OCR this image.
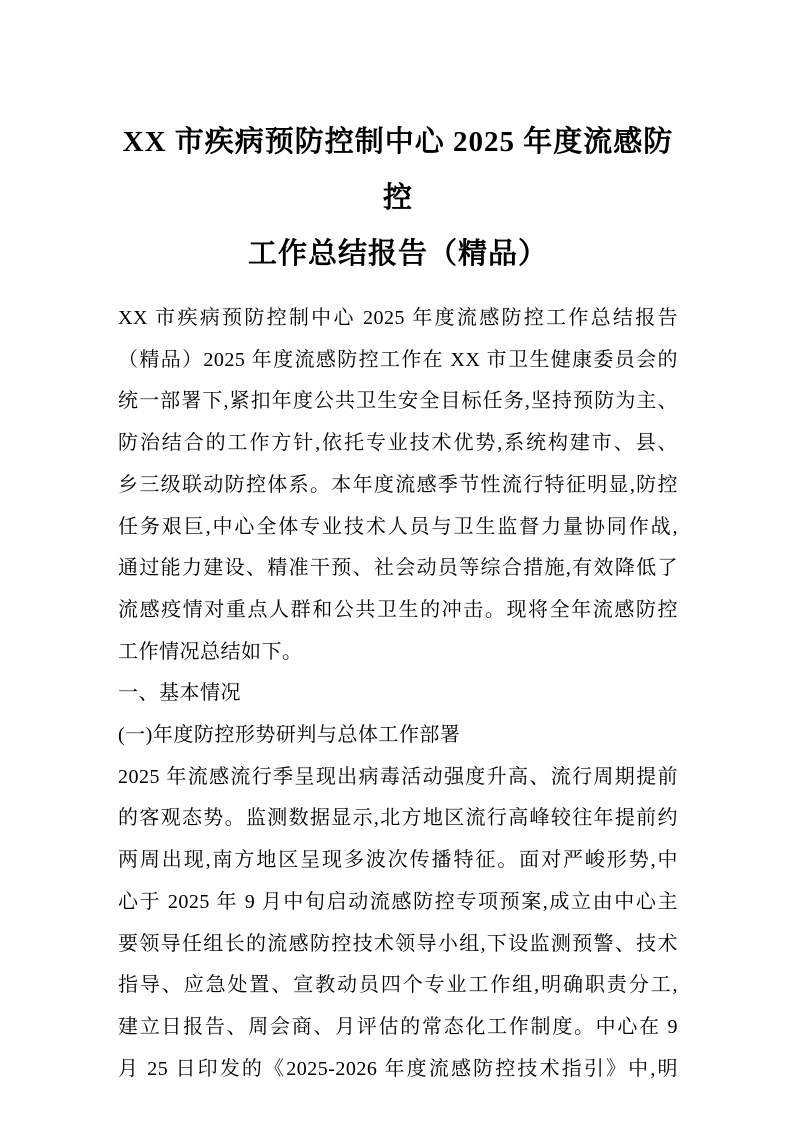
XX 市疾病预防控制中心 2025 年度流感防控
工作总结报告（精品）
XX 市疾病预防控制中心 2025 年度流感防控工作总结报告
（精品）2025 年度流感防控工作在 XX 市卫生健康委员会的
统一部署下,紧扣年度公共卫生安全目标任务,坚持预防为主、
防治结合的工作方针,依托专业技术优势,系统构建市、县、
乡三级联动防控体系。本年度流感季节性流行特征明显,防控
任务艰巨,中心全体专业技术人员与卫生监督力量协同作战,
通过能力建设、精准干预、社会动员等综合措施,有效降低了
流感疫情对重点人群和公共卫生的冲击。现将全年流感防控
工作情况总结如下。
一、基本情况
(一)年度防控形势研判与总体工作部署
2025 年流感流行季呈现出病毒活动强度升高、流行周期提前
的客观态势。监测数据显示,北方地区流行高峰较往年提前约
两周出现,南方地区呈现多波次传播特征。面对严峻形势,中
心于 2025 年 9 月中旬启动流感防控专项预案,成立由中心主
要领导任组长的流感防控技术领导小组,下设监测预警、技术
指导、应急处置、宣教动员四个专业工作组,明确职责分工,
建立日报告、周会商、月评估的常态化工作制度。中心在 9
月 25 日印发的《2025-2026 年度流感防控技术指引》中,明
